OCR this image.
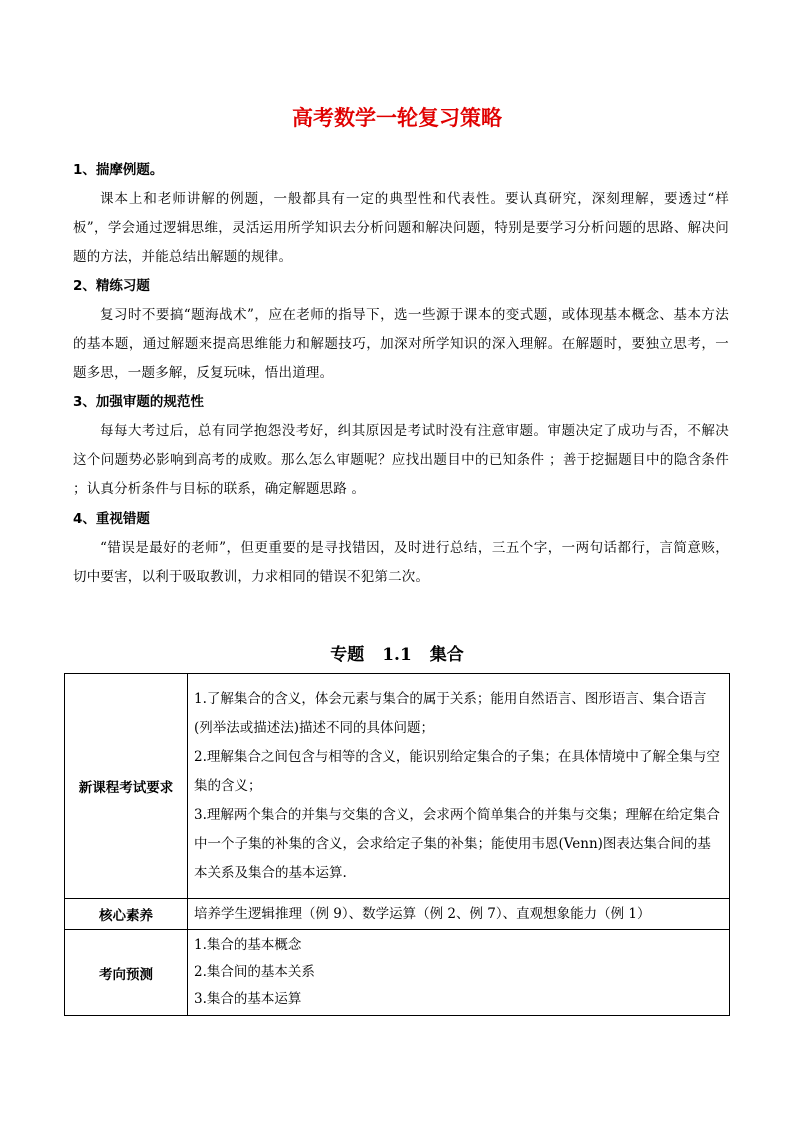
高考数学一轮复习策略

1、揣摩例题。

课本上和老师讲解的例题，一般都具有一定的典型性和代表性。要认真研究，深刻理解，要透过“样板”，学会通过逻辑思维，灵活运用所学知识去分析问题和解决问题，特别是要学习分析问题的思路、解决问题的方法，并能总结出解题的规律。

2、精练习题

复习时不要搞“题海战术”，应在老师的指导下，选一些源于课本的变式题，或体现基本概念、基本方法的基本题，通过解题来提高思维能力和解题技巧，加深对所学知识的深入理解。在解题时，要独立思考，一题多思，一题多解，反复玩味，悟出道理。

3、加强审题的规范性

每每大考过后，总有同学抱怨没考好，纠其原因是考试时没有注意审题。审题决定了成功与否，不解决这个问题势必影响到高考的成败。那么怎么审题呢？应找出题目中的已知条件 ；善于挖掘题目中的隐含条件 ；认真分析条件与目标的联系，确定解题思路 。

4、重视错题

“错误是最好的老师”，但更重要的是寻找错因，及时进行总结，三五个字，一两句话都行，言简意赅，切中要害，以利于吸取教训，力求相同的错误不犯第二次。

专题 1.1 集合
新课程考试要求	1.了解集合的含义，体会元素与集合的属于关系；能用自然语言、图形语言、集合语言(列举法或描述法)描述不同的具体问题；

2.理解集合之间包含与相等的含义，能识别给定集合的子集；在具体情境中了解全集与空集的含义；

3.理解两个集合的并集与交集的含义，会求两个简单集合的并集与交集；理解在给定集合中一个子集的补集的含义，会求给定子集的补集；能使用韦恩(Venn)图表达集合间的基本关系及集合的基本运算.

核心素养	培养学生逻辑推理（例 9）、数学运算（例 2、例 7）、直观想象能力（例 1）

考向预测	1.集合的基本概念

2.集合间的基本关系

3.集合的基本运算
